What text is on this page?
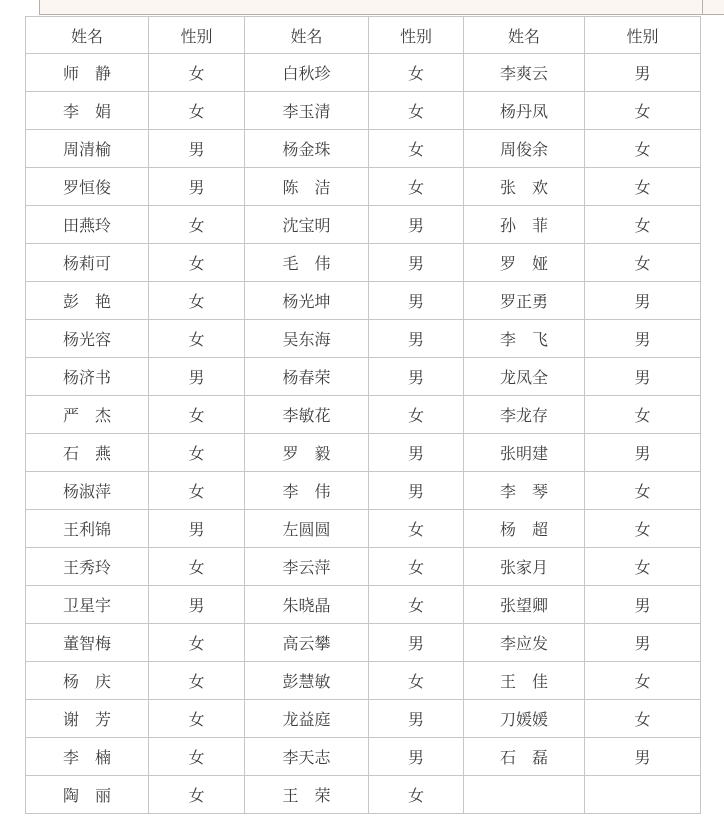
姓名	性别	姓名	性别	姓名	性别
师　静	女	白秋珍	女	李爽云	男
李　娟	女	李玉清	女	杨丹凤	女
周清榆	男	杨金珠	女	周俊余	女
罗恒俊	男	陈　洁	女	张　欢	女
田燕玲	女	沈宝明	男	孙　菲	女
杨莉可	女	毛　伟	男	罗　娅	女
彭　艳	女	杨光坤	男	罗正勇	男
杨光容	女	吴东海	男	李　飞	男
杨济书	男	杨春荣	男	龙凤全	男
严　杰	女	李敏花	女	李龙存	女
石　燕	女	罗　毅	男	张明建	男
杨淑萍	女	李　伟	男	李　琴	女
王利锦	男	左圆圆	女	杨　超	女
王秀玲	女	李云萍	女	张家月	女
卫星宇	男	朱晓晶	女	张望卿	男
董智梅	女	高云攀	男	李应发	男
杨　庆	女	彭慧敏	女	王　佳	女
谢　芳	女	龙益庭	男	刀媛媛	女
李　楠	女	李天志	男	石　磊	男
陶　丽	女	王　荣	女		
